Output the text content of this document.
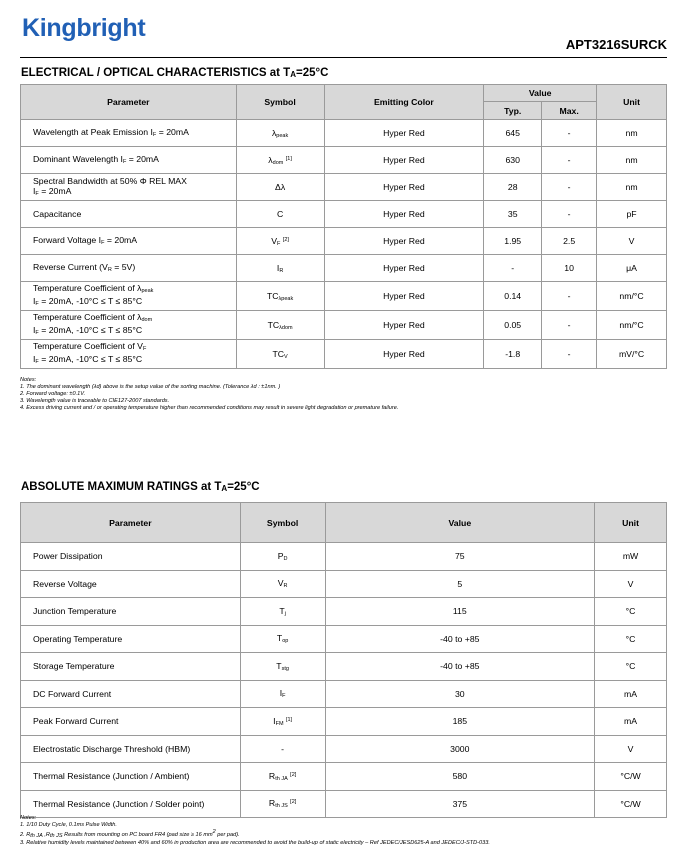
Kingbright
APT3216SURCK
ELECTRICAL / OPTICAL CHARACTERISTICS at $T_A=25^\circ C$
Parameter	Symbol	Emitting Color	Value		Unit
			Typ.	Max.	
Wavelength at Peak Emission $I_F = 20mA$	$\lambda_{peak}$	Hyper Red	645	-	nm
Dominant Wavelength $I_F = 20mA$	$\lambda_{dom}$ [1]	Hyper Red	630	-	nm
Spectral Bandwidth at 50% Φ REL MAX
$I_F = 20mA$	Δλ	Hyper Red	28	-	nm
Capacitance	C	Hyper Red	35	-	pF
Forward Voltage $I_F = 20mA$	$V_F$ [2]	Hyper Red	1.95	2.5	V
Reverse Current $(V_R = 5V)$	$I_R$	Hyper Red	-	10	μA
Temperature Coefficient of $\lambda_{peak}$
$I_F = 20mA$, -10°C ≤ T ≤ 85°C	$TC_{\lambda peak}$	Hyper Red	0.14	-	nm/°C
Temperature Coefficient of $\lambda_{dom}$
$I_F = 20mA$, -10°C ≤ T ≤ 85°C	$TC_{\lambda dom}$	Hyper Red	0.05	-	nm/°C
Temperature Coefficient of $V_F$
$I_F = 20mA$, -10°C ≤ T ≤ 85°C	$TC_V$	Hyper Red	-1.8	-	mV/°C
Notes:
1. The dominant wavelength (λd) above is the setup value of the sorting machine. (Tolerance λd : ±1nm. )
2. Forward voltage: ±0.1V.
3. Wavelength value is traceable to CIE127-2007 standards.
4. Excess driving current and / or operating temperature higher than recommended conditions may result in severe light degradation or premature failure.
ABSOLUTE MAXIMUM RATINGS at $T_A=25^\circ C$
Parameter	Symbol	Value	Unit
Power Dissipation	$P_D$	75	mW
Reverse Voltage	$V_R$	5	V
Junction Temperature	$T_j$	115	°C
Operating Temperature	$T_{op}$	-40 to +85	°C
Storage Temperature	$T_{stg}$	-40 to +85	°C
DC Forward Current	$I_F$	30	mA
Peak Forward Current	$I_{FM}$ [1]	185	mA
Electrostatic Discharge Threshold (HBM)	-	3000	V
Thermal Resistance (Junction / Ambient)	$R_{th JA}$ [2]	580	°C/W
Thermal Resistance (Junction / Solder point)	$R_{th JS}$ [2]	375	°C/W
Notes:
1. 1/10 Duty Cycle, 0.1ms Pulse Width.
2. $R_{th JA}$ $,R_{th JS}$ Results from mounting on PC board FR4 (pad size ≥ 16 $mm^2$ per pad).
3. Relative humidity levels maintained between 40% and 60% in production area are recommended to avoid the build-up of static electricity – Ref JEDEC/JESD625-A and JEDEC/J-STD-033.
